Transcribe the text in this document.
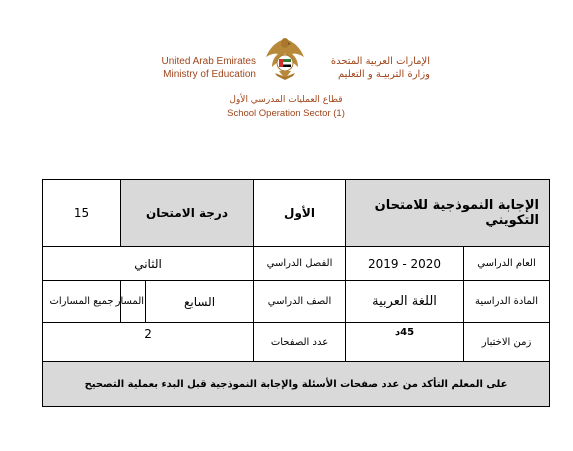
United Arab Emirates
Ministry of Education
الإمارات العربية المتحدة
وزارة التربيـة و التعليم
قطاع العمليات المدرسي الأول
School Operation Sector (1)
الإجابة النموذجية للامتحان التكويني		الأول	درجة الامتحان		15
العام الدراسي	2020 - 2019	الفصل الدراسي	الثاني		
المادة الدراسية	اللغة العربية	الصف الدراسي	السابع	المسار	جميع المسارات
زمن الاختبار	45د	عدد الصفحات	2		
على المعلم التأكد من عدد صفحات الأسئلة والإجابة النموذجية قبل البدء بعملية التصحيح					
